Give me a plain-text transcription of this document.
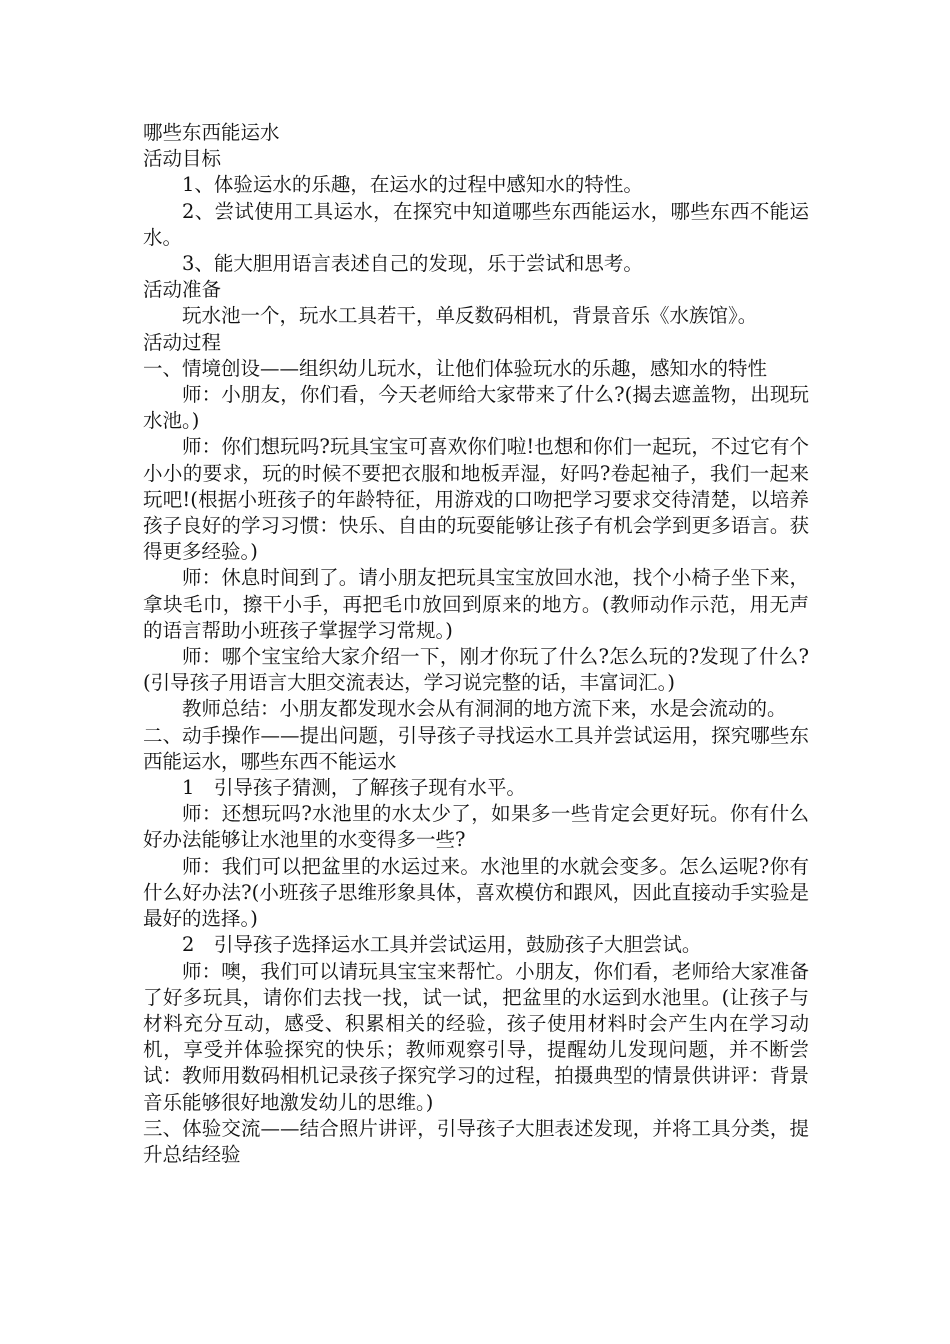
哪些东西能运水

活动目标

1、体验运水的乐趣，在运水的过程中感知水的特性。

2、尝试使用工具运水，在探究中知道哪些东西能运水，哪些东西不能运水。

3、能大胆用语言表述自己的发现，乐于尝试和思考。

活动准备

玩水池一个，玩水工具若干，单反数码相机，背景音乐《水族馆》。

活动过程

一、情境创设——组织幼儿玩水，让他们体验玩水的乐趣，感知水的特性

师：小朋友，你们看，今天老师给大家带来了什么?(揭去遮盖物，出现玩水池。)

师：你们想玩吗?玩具宝宝可喜欢你们啦!也想和你们一起玩，不过它有个小小的要求，玩的时候不要把衣服和地板弄湿，好吗?卷起袖子，我们一起来玩吧!(根据小班孩子的年龄特征，用游戏的口吻把学习要求交待清楚，以培养孩子良好的学习习惯：快乐、自由的玩耍能够让孩子有机会学到更多语言。获得更多经验。)

师：休息时间到了。请小朋友把玩具宝宝放回水池，找个小椅子坐下来，拿块毛巾，擦干小手，再把毛巾放回到原来的地方。(教师动作示范，用无声的语言帮助小班孩子掌握学习常规。)

师：哪个宝宝给大家介绍一下，刚才你玩了什么?怎么玩的?发现了什么?(引导孩子用语言大胆交流表达，学习说完整的话，丰富词汇。)

教师总结：小朋友都发现水会从有洞洞的地方流下来，水是会流动的。

二、动手操作——提出问题，引导孩子寻找运水工具并尝试运用，探究哪些东西能运水，哪些东西不能运水

1　引导孩子猜测，了解孩子现有水平。

师：还想玩吗?水池里的水太少了，如果多一些肯定会更好玩。你有什么好办法能够让水池里的水变得多一些?

师：我们可以把盆里的水运过来。水池里的水就会变多。怎么运呢?你有什么好办法?(小班孩子思维形象具体，喜欢模仿和跟风，因此直接动手实验是最好的选择。)

2　引导孩子选择运水工具并尝试运用，鼓励孩子大胆尝试。

师：噢，我们可以请玩具宝宝来帮忙。小朋友，你们看，老师给大家准备了好多玩具，请你们去找一找，试一试，把盆里的水运到水池里。(让孩子与材料充分互动，感受、积累相关的经验，孩子使用材料时会产生内在学习动机，享受并体验探究的快乐；教师观察引导，提醒幼儿发现问题，并不断尝试：教师用数码相机记录孩子探究学习的过程，拍摄典型的情景供讲评：背景音乐能够很好地激发幼儿的思维。)

三、体验交流——结合照片讲评，引导孩子大胆表述发现，并将工具分类，提升总结经验
